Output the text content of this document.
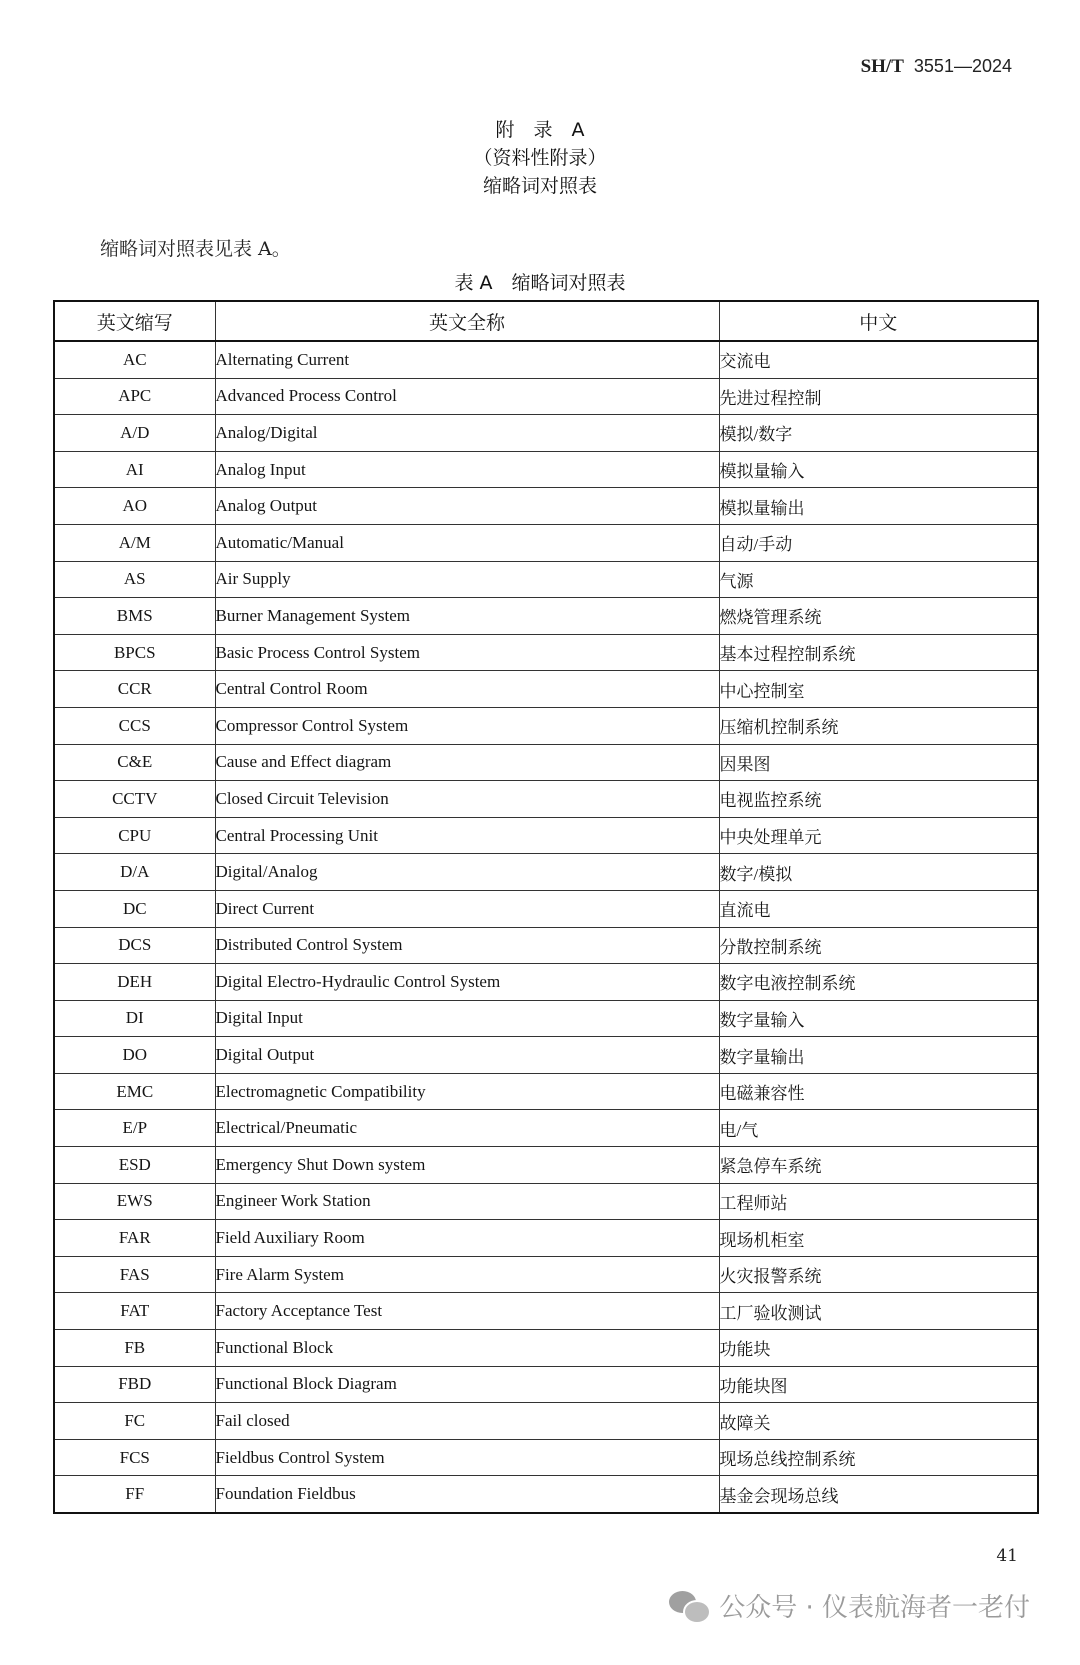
SH/T 3551—2024
附　录　A
（资料性附录）
缩略词对照表
缩略词对照表见表 A。
表 A　缩略词对照表
英文缩写	英文全称	中文
AC	Alternating Current	交流电
APC	Advanced Process Control	先进过程控制
A/D	Analog/Digital	模拟/数字
AI	Analog Input	模拟量输入
AO	Analog Output	模拟量输出
A/M	Automatic/Manual	自动/手动
AS	Air Supply	气源
BMS	Burner Management System	燃烧管理系统
BPCS	Basic Process Control System	基本过程控制系统
CCR	Central Control Room	中心控制室
CCS	Compressor Control System	压缩机控制系统
C&E	Cause and Effect diagram	因果图
CCTV	Closed Circuit Television	电视监控系统
CPU	Central Processing Unit	中央处理单元
D/A	Digital/Analog	数字/模拟
DC	Direct Current	直流电
DCS	Distributed Control System	分散控制系统
DEH	Digital Electro-Hydraulic Control System	数字电液控制系统
DI	Digital Input	数字量输入
DO	Digital Output	数字量输出
EMC	Electromagnetic Compatibility	电磁兼容性
E/P	Electrical/Pneumatic	电/气
ESD	Emergency Shut Down system	紧急停车系统
EWS	Engineer Work Station	工程师站
FAR	Field Auxiliary Room	现场机柜室
FAS	Fire Alarm System	火灾报警系统
FAT	Factory Acceptance Test	工厂验收测试
FB	Functional Block	功能块
FBD	Functional Block Diagram	功能块图
FC	Fail closed	故障关
FCS	Fieldbus Control System	现场总线控制系统
FF	Foundation Fieldbus	基金会现场总线
41
公众号 · 仪表航海者一老付
